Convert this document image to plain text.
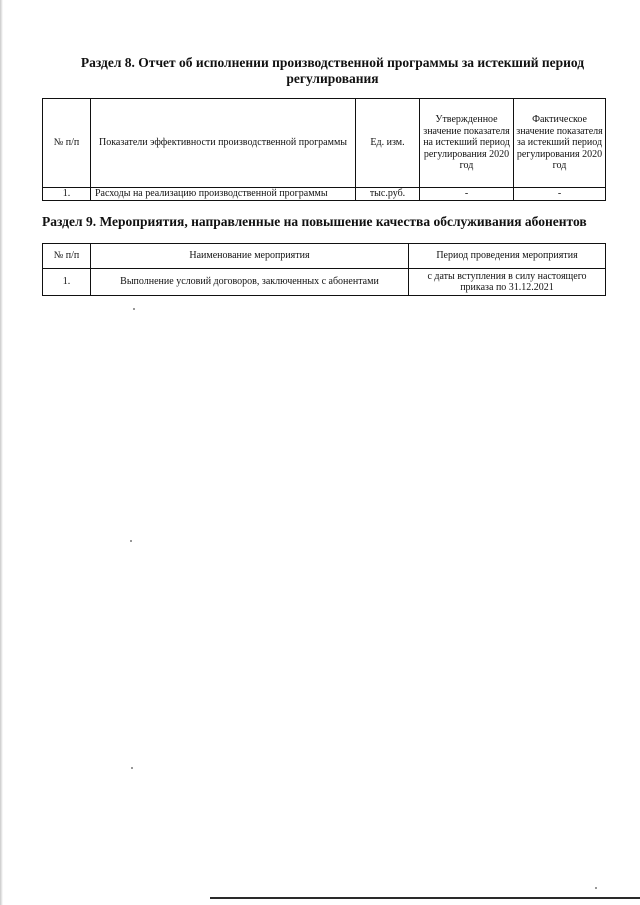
Раздел 8. Отчет об исполнении производственной программы за истекший период регулирования
№ п/п	Показатели эффективности производственной программы	Ед. изм.	Утвержденное значение показателя на истекший период регулирования 2020 год	Фактическое значение показателя за истекший период регулирования 2020 год
1.	Расходы на реализацию производственной программы	тыс.руб.	-	-
Раздел 9. Мероприятия, направленные на повышение качества обслуживания абонентов
№ п/п	Наименование мероприятия	Период проведения мероприятия
1.	Выполнение условий договоров, заключенных с абонентами	с даты вступления в силу настоящего приказа по 31.12.2021
